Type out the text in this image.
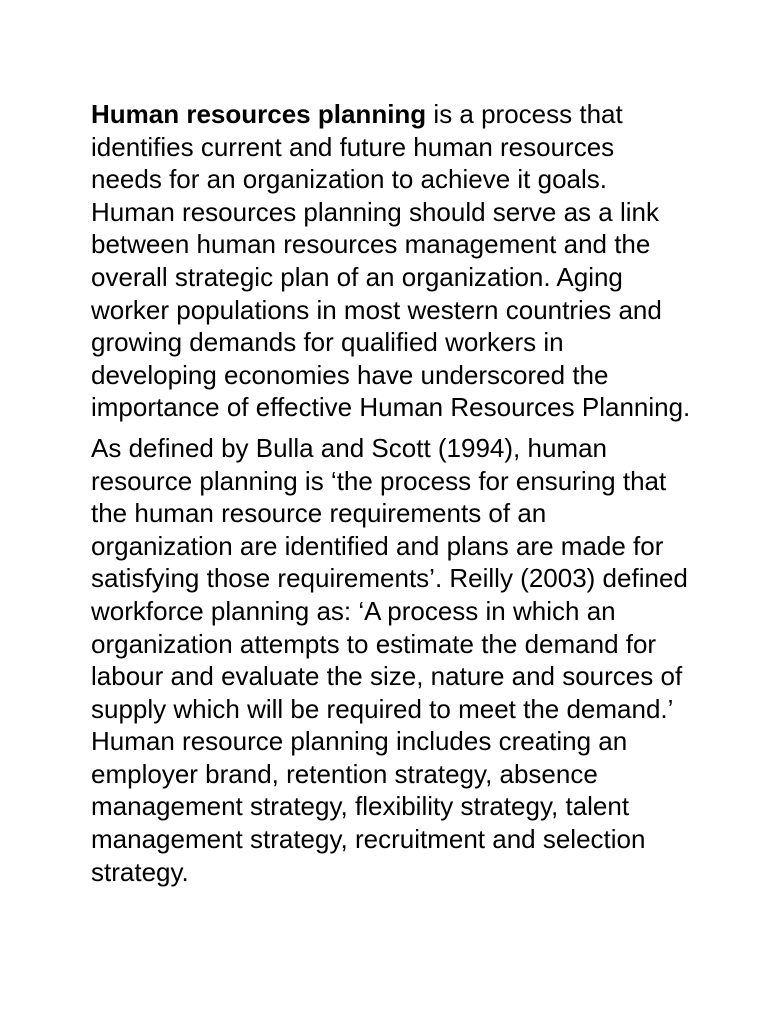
Human resources planning is a process that identifies current and future human resources needs for an organization to achieve it goals. Human resources planning should serve as a link between human resources management and the overall strategic plan of an organization. Aging worker populations in most western countries and growing demands for qualified workers in developing economies have underscored the importance of effective Human Resources Planning.

As defined by Bulla and Scott (1994), human resource planning is ‘the process for ensuring that the human resource requirements of an organization are identified and plans are made for satisfying those requirements’. Reilly (2003) defined workforce planning as: ‘A process in which an organization attempts to estimate the demand for labour and evaluate the size, nature and sources of supply which will be required to meet the demand.’ Human resource planning includes creating an employer brand, retention strategy, absence management strategy, flexibility strategy, talent management strategy, recruitment and selection strategy.
